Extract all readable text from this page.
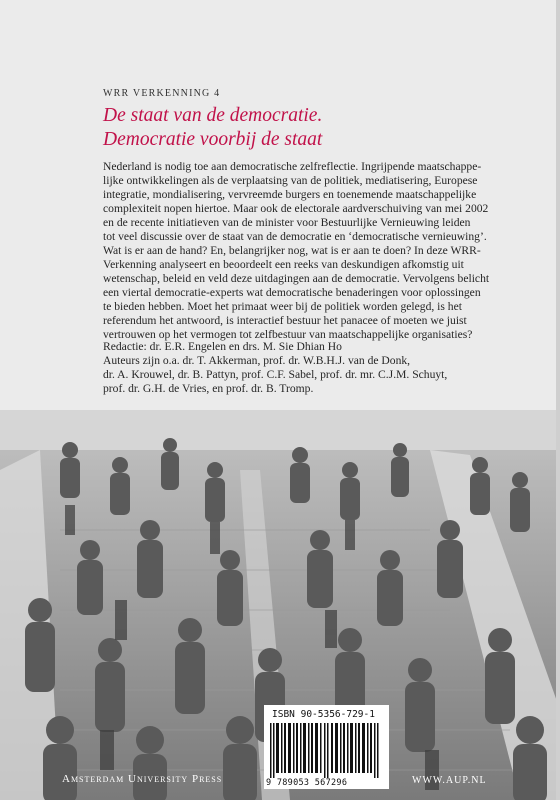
WRR VERKENNING 4
De staat van de democratie.
Democratie voorbij de staat
Nederland is nodig toe aan democratische zelfreflectie. Ingrijpende maatschappe-
lijke ontwikkelingen als de verplaatsing van de politiek, mediatisering, Europese
integratie, mondialisering, vervreemde burgers en toenemende maatschappelijke
complexiteit nopen hiertoe. Maar ook de electorale aardverschuiving van mei 2002
en de recente initiatieven van de minister voor Bestuurlijke Vernieuwing leiden
tot veel discussie over de staat van de democratie en ‘democratische vernieuwing’.
Wat is er aan de hand? En, belangrijker nog, wat is er aan te doen? In deze WRR-
Verkenning analyseert en beoordeelt een reeks van deskundigen afkomstig uit
wetenschap, beleid en veld deze uitdagingen aan de democratie. Vervolgens belicht
een viertal democratie-experts wat democratische benaderingen voor oplossingen
te bieden hebben. Moet het primaat weer bij de politiek worden gelegd, is het
referendum het antwoord, is interactief bestuur het panacee of moeten we juist
vertrouwen op het vermogen tot zelfbestuur van maatschappelijke organisaties?
Redactie: dr. E.R. Engelen en drs. M. Sie Dhian Ho
Auteurs zijn o.a. dr. T. Akkerman, prof. dr. W.B.H.J. van de Donk,
dr. A. Krouwel, dr. B. Pattyn, prof. C.F. Sabel, prof. dr. mr. C.J.M. Schuyt,
prof. dr. G.H. de Vries, en prof. dr. B. Tromp.
ISBN 90-5356-729-1
9 789053 567296
Amsterdam University Press	WWW.AUP.NL
